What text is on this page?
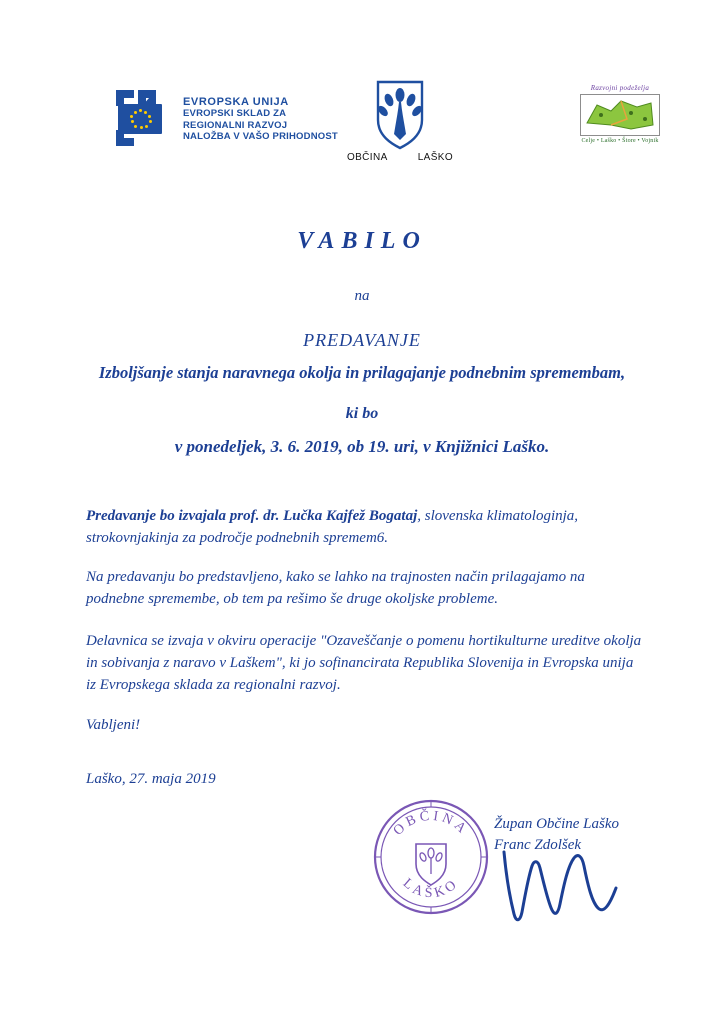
EVROPSKA UNIJA
EVROPSKI SKLAD ZA
REGIONALNI RAZVOJ
NALOŽBA V VAŠO PRIHODNOST
OBČINA	LAŠKO
Razvojni podeželja
Celje • Laško • Štore • Vojnik
VABILO
na
PREDAVANJE
Izboljšanje stanja naravnega okolja in prilagajanje podnebnim spremembam,
ki bo
v ponedeljek, 3. 6. 2019, ob 19. uri, v Knjižnici Laško.
Predavanje bo izvajala prof. dr. Lučka Kajfež Bogataj, slovenska klimatologinja, strokovnjakinja za področje podnebnih spremem6.
Na predavanju bo predstavljeno, kako se lahko na trajnosten način prilagajamo na podnebne spremembe, ob tem pa rešimo še druge okoljske probleme.
Delavnica se izvaja v okviru operacije "Ozaveščanje o pomenu hortikulturne ureditve okolja in sobivanja z naravo v Laškem", ki jo sofinancirata Republika Slovenija in Evropska unija iz Evropskega sklada za regionalni razvoj.
Vabljeni!
Laško, 27. maja 2019
OBČINA
LAŠKO
Župan Občine Laško
Franc Zdolšek
